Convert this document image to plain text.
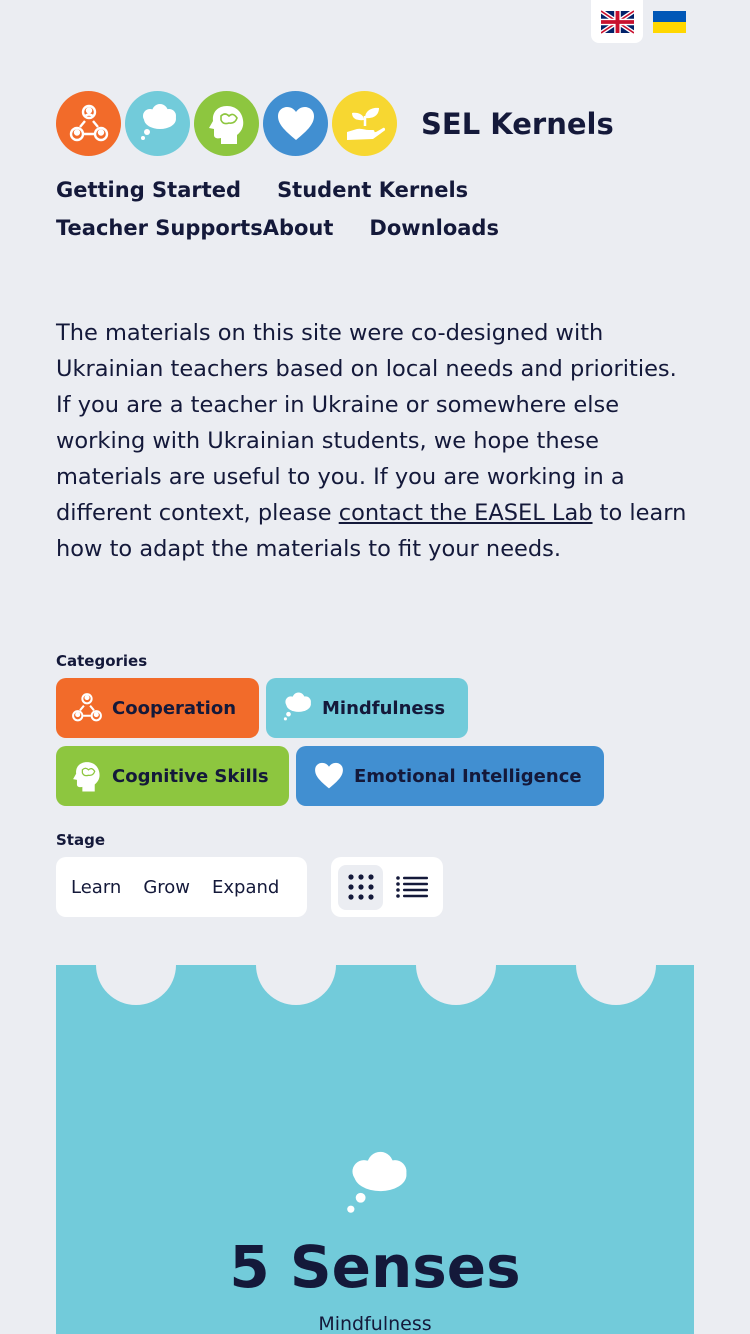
SEL Kernels
Getting Started Student Kernels
Teacher Supports About Downloads

The materials on this site were co-designed with Ukrainian teachers based on local needs and priorities. If you are a teacher in Ukraine or somewhere else working with Ukrainian students, we hope these materials are useful to you. If you are working in a different context, please contact the EASEL Lab to learn how to adapt the materials to fit your needs.

Categories
Cooperation	Mindfulness
Cognitive Skills	Emotional Intelligence
Stage
Learn Grow Expand
5 Senses
Mindfulness
